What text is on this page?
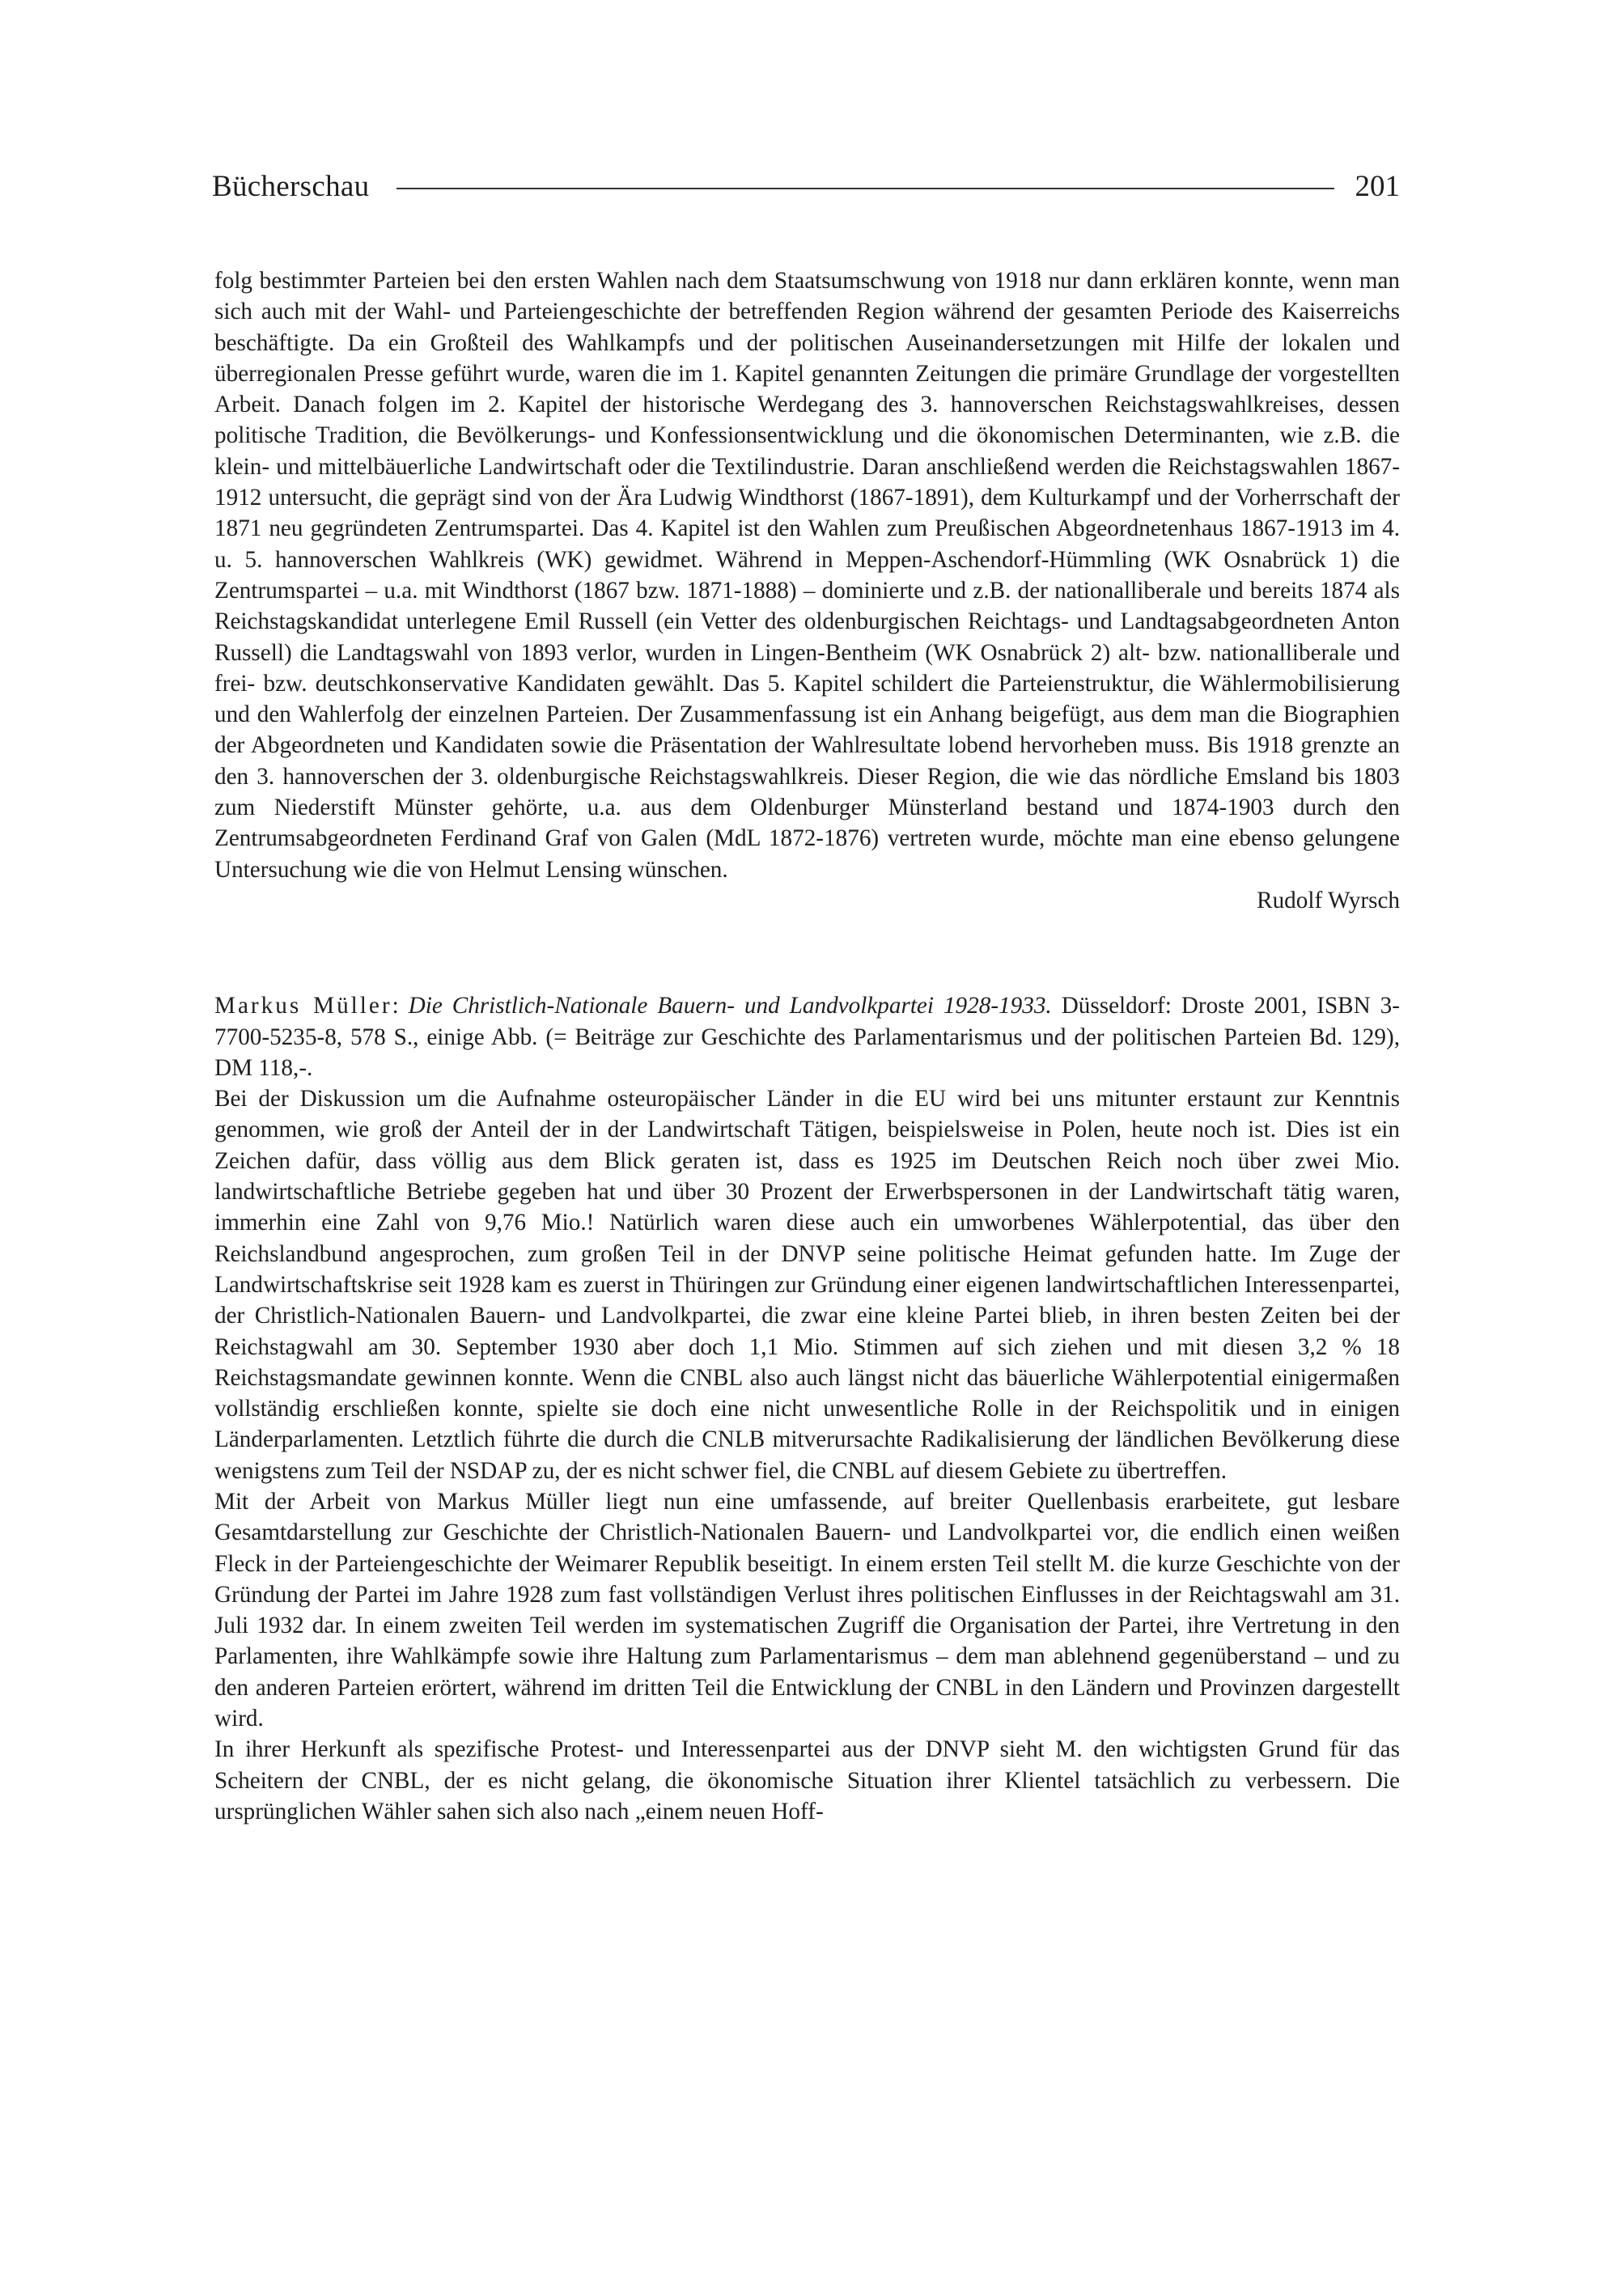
Bücherschau	201

folg bestimmter Parteien bei den ersten Wahlen nach dem Staatsumschwung von 1918 nur dann erklären konnte, wenn man sich auch mit der Wahl- und Parteiengeschichte der betreffenden Region während der gesamten Periode des Kaiserreichs beschäftigte. Da ein Großteil des Wahlkampfs und der politischen Auseinandersetzungen mit Hilfe der lokalen und überregionalen Presse geführt wurde, waren die im 1. Kapitel genannten Zeitungen die primäre Grundlage der vorgestellten Arbeit. Danach folgen im 2. Kapitel der historische Werdegang des 3. hannoverschen Reichstagswahlkreises, dessen politische Tradition, die Bevölkerungs- und Konfessionsentwicklung und die ökonomischen Determinanten, wie z.B. die klein- und mittelbäuerliche Landwirtschaft oder die Textilindustrie. Daran anschließend werden die Reichstagswahlen 1867-1912 untersucht, die geprägt sind von der Ära Ludwig Windthorst (1867-1891), dem Kulturkampf und der Vorherrschaft der 1871 neu gegründeten Zentrumspartei. Das 4. Kapitel ist den Wahlen zum Preußischen Abgeordnetenhaus 1867-1913 im 4. u. 5. hannoverschen Wahlkreis (WK) gewidmet. Während in Meppen-Aschendorf-Hümmling (WK Osnabrück 1) die Zentrumspartei – u.a. mit Windthorst (1867 bzw. 1871-1888) – dominierte und z.B. der nationalliberale und bereits 1874 als Reichstagskandidat unterlegene Emil Russell (ein Vetter des oldenburgischen Reichtags- und Landtagsabgeordneten Anton Russell) die Landtagswahl von 1893 verlor, wurden in Lingen-Bentheim (WK Osnabrück 2) alt- bzw. nationalliberale und frei- bzw. deutschkonservative Kandidaten gewählt. Das 5. Kapitel schildert die Parteienstruktur, die Wählermobilisierung und den Wahlerfolg der einzelnen Parteien. Der Zusammenfassung ist ein Anhang beigefügt, aus dem man die Biographien der Abgeordneten und Kandidaten sowie die Präsentation der Wahlresultate lobend hervorheben muss. Bis 1918 grenzte an den 3. hannoverschen der 3. oldenburgische Reichstagswahlkreis. Dieser Region, die wie das nördliche Emsland bis 1803 zum Niederstift Münster gehörte, u.a. aus dem Oldenburger Münsterland bestand und 1874-1903 durch den Zentrumsabgeordneten Ferdinand Graf von Galen (MdL 1872-1876) vertreten wurde, möchte man eine ebenso gelungene Untersuchung wie die von Helmut Lensing wünschen.

Rudolf Wyrsch

Markus Müller: Die Christlich-Nationale Bauern- und Landvolkpartei 1928-1933. Düsseldorf: Droste 2001, ISBN 3-7700-5235-8, 578 S., einige Abb. (= Beiträge zur Geschichte des Parlamentarismus und der politischen Parteien Bd. 129), DM 118,-.

Bei der Diskussion um die Aufnahme osteuropäischer Länder in die EU wird bei uns mitunter erstaunt zur Kenntnis genommen, wie groß der Anteil der in der Landwirtschaft Tätigen, beispielsweise in Polen, heute noch ist. Dies ist ein Zeichen dafür, dass völlig aus dem Blick geraten ist, dass es 1925 im Deutschen Reich noch über zwei Mio. landwirtschaftliche Betriebe gegeben hat und über 30 Prozent der Erwerbspersonen in der Landwirtschaft tätig waren, immerhin eine Zahl von 9,76 Mio.! Natürlich waren diese auch ein umworbenes Wählerpotential, das über den Reichslandbund angesprochen, zum großen Teil in der DNVP seine politische Heimat gefunden hatte. Im Zuge der Landwirtschaftskrise seit 1928 kam es zuerst in Thüringen zur Gründung einer eigenen landwirtschaftlichen Interessenpartei, der Christlich-Nationalen Bauern- und Landvolkpartei, die zwar eine kleine Partei blieb, in ihren besten Zeiten bei der Reichstagwahl am 30. September 1930 aber doch 1,1 Mio. Stimmen auf sich ziehen und mit diesen 3,2 % 18 Reichstagsmandate gewinnen konnte. Wenn die CNBL also auch längst nicht das bäuerliche Wählerpotential einigermaßen vollständig erschließen konnte, spielte sie doch eine nicht unwesentliche Rolle in der Reichspolitik und in einigen Länderparlamenten. Letztlich führte die durch die CNLB mitverursachte Radikalisierung der ländlichen Bevölkerung diese wenigstens zum Teil der NSDAP zu, der es nicht schwer fiel, die CNBL auf diesem Gebiete zu übertreffen.

Mit der Arbeit von Markus Müller liegt nun eine umfassende, auf breiter Quellenbasis erarbeitete, gut lesbare Gesamtdarstellung zur Geschichte der Christlich-Nationalen Bauern- und Landvolkpartei vor, die endlich einen weißen Fleck in der Parteiengeschichte der Weimarer Republik beseitigt. In einem ersten Teil stellt M. die kurze Geschichte von der Gründung der Partei im Jahre 1928 zum fast vollständigen Verlust ihres politischen Einflusses in der Reichtagswahl am 31. Juli 1932 dar. In einem zweiten Teil werden im systematischen Zugriff die Organisation der Partei, ihre Vertretung in den Parlamenten, ihre Wahlkämpfe sowie ihre Haltung zum Parlamentarismus – dem man ablehnend gegenüberstand – und zu den anderen Parteien erörtert, während im dritten Teil die Entwicklung der CNBL in den Ländern und Provinzen dargestellt wird.

In ihrer Herkunft als spezifische Protest- und Interessenpartei aus der DNVP sieht M. den wichtigsten Grund für das Scheitern der CNBL, der es nicht gelang, die ökonomische Situation ihrer Klientel tatsächlich zu verbessern. Die ursprünglichen Wähler sahen sich also nach „einem neuen Hoff-
